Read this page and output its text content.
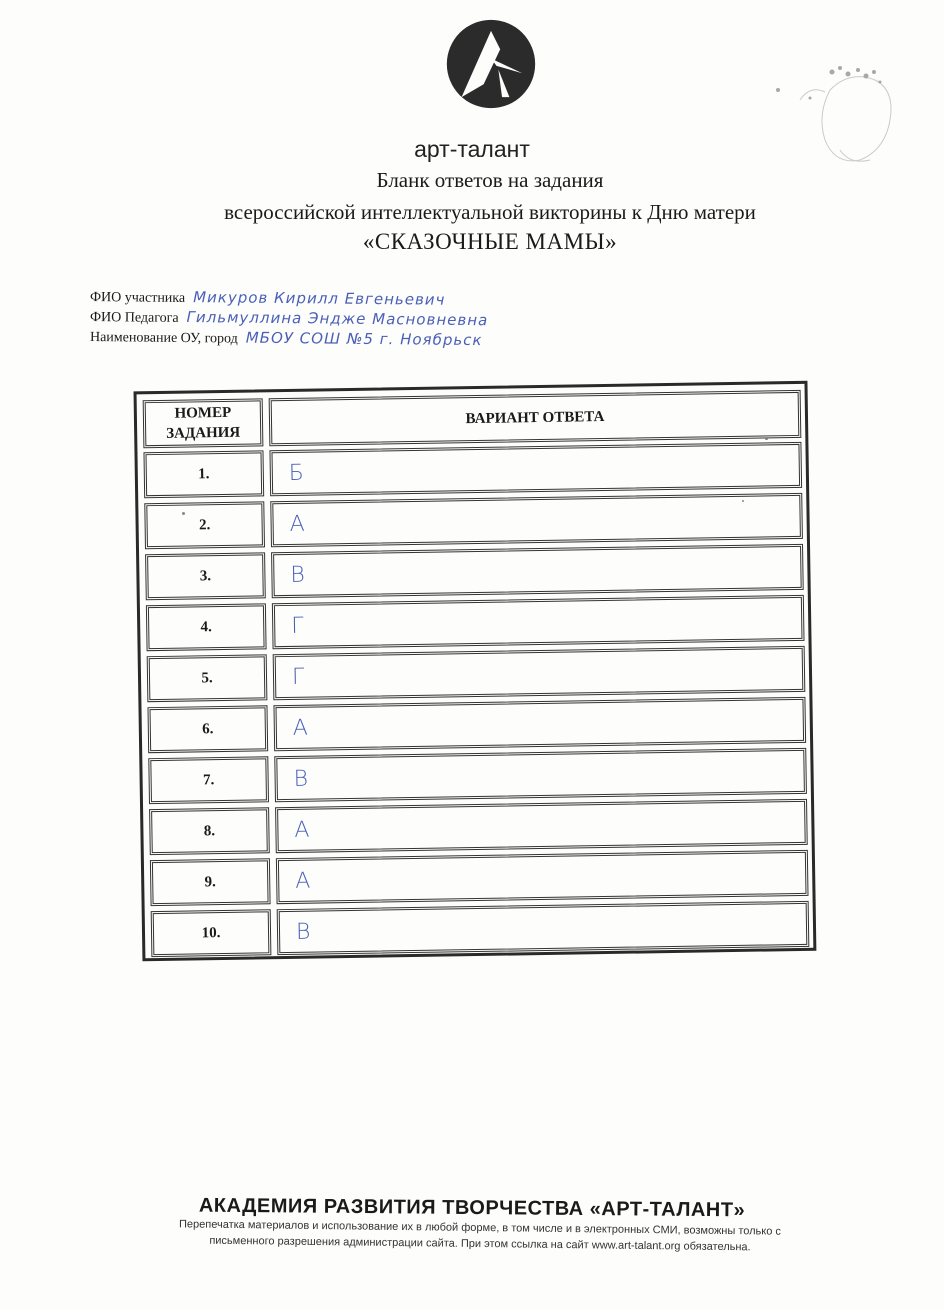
арт-талант
Бланк ответов на задания
всероссийской интеллектуальной викторины к Дню матери
«СКАЗОЧНЫЕ МАМЫ»
ФИО участника Микуров Кирилл Евгеньевич
ФИО Педагога Гильмуллина Энджe Масновнeвна
Наименование ОУ, город МБОУ СОШ №5 г. Ноябрьск
НОМЕР ЗАДАНИЯ
ВАРИАНТ ОТВЕТА
1.	Б
2.	А
3.	В
4.	Г
5.	Г
6.	А
7.	В
8.	А
9.	А
10.	В
АКАДЕМИЯ РАЗВИТИЯ ТВОРЧЕСТВА «АРТ-ТАЛАНТ»
Перепечатка материалов и использование их в любой форме, в том числе и в электронных СМИ, возможны только с
письменного разрешения администрации сайта. При этом ссылка на сайт www.art-talant.org обязательна.
